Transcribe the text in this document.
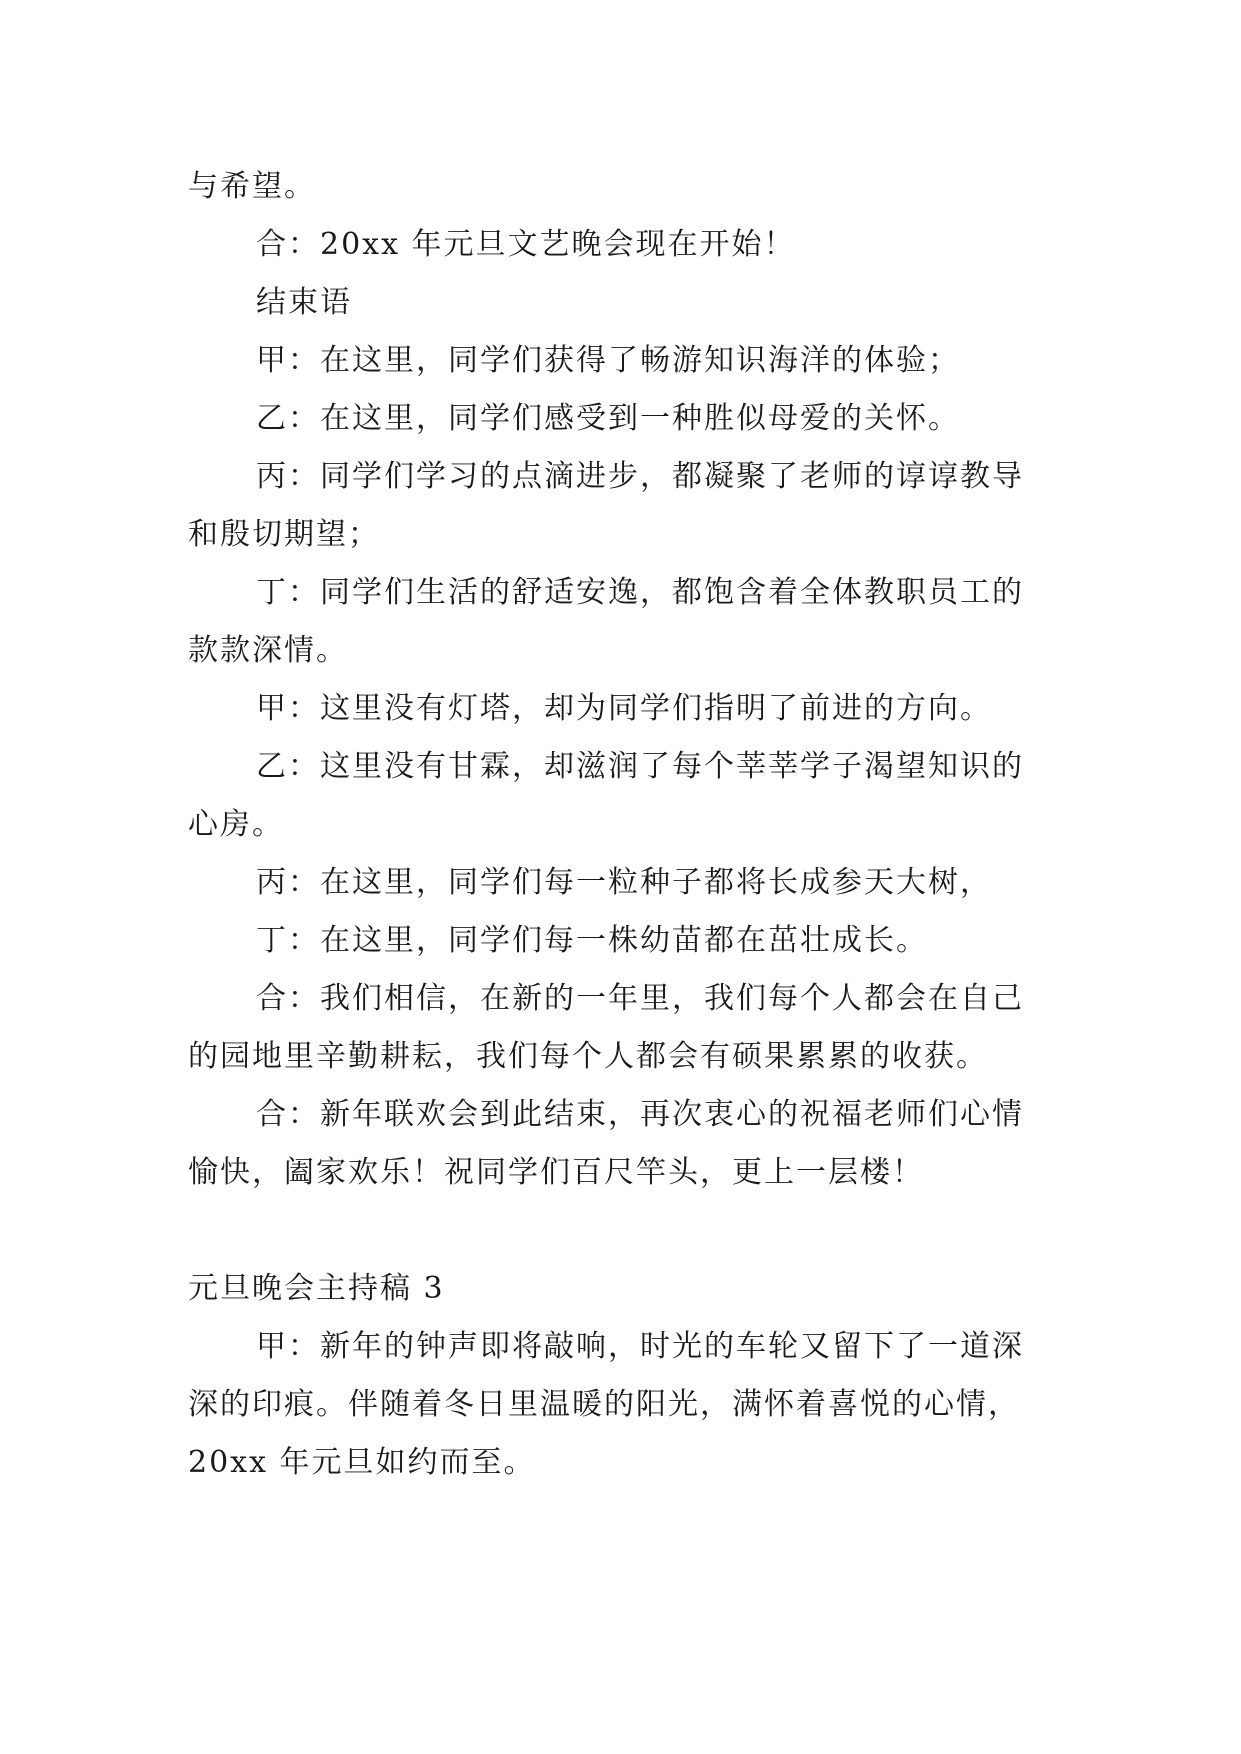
与希望。
合：20xx 年元旦文艺晚会现在开始！
结束语
甲：在这里，同学们获得了畅游知识海洋的体验；
乙：在这里，同学们感受到一种胜似母爱的关怀。
丙：同学们学习的点滴进步，都凝聚了老师的谆谆教导
和殷切期望；
丁：同学们生活的舒适安逸，都饱含着全体教职员工的
款款深情。
甲：这里没有灯塔，却为同学们指明了前进的方向。
乙：这里没有甘霖，却滋润了每个莘莘学子渴望知识的
心房。
丙：在这里，同学们每一粒种子都将长成参天大树，
丁：在这里，同学们每一株幼苗都在茁壮成长。
合：我们相信，在新的一年里，我们每个人都会在自己
的园地里辛勤耕耘，我们每个人都会有硕果累累的收获。
合：新年联欢会到此结束，再次衷心的祝福老师们心情
愉快，阖家欢乐！祝同学们百尺竿头，更上一层楼！
元旦晚会主持稿 3
甲：新年的钟声即将敲响，时光的车轮又留下了一道深
深的印痕。伴随着冬日里温暖的阳光，满怀着喜悦的心情，
20xx 年元旦如约而至。
